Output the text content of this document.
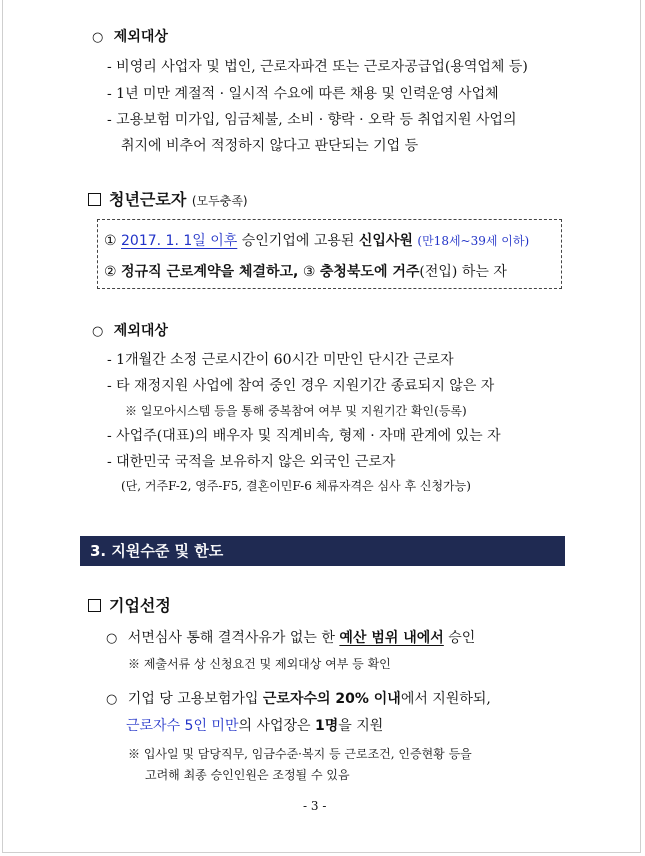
○ 제외대상
- 비영리 사업자 및 법인, 근로자파견 또는 근로자공급업(용역업체 등)
- 1년 미만 계절적 · 일시적 수요에 따른 채용 및 인력운영 사업체
- 고용보험 미가입, 임금체불, 소비 · 향락 · 오락 등 취업지원 사업의
취지에 비추어 적정하지 않다고 판단되는 기업 등
청년근로자 (모두충족)
① 2017. 1. 1일 이후 승인기업에 고용된 신입사원 (만18세~39세 이하)
② 정규직 근로계약을 체결하고, ③ 충청북도에 거주(전입) 하는 자
○ 제외대상
- 1개월간 소정 근로시간이 60시간 미만인 단시간 근로자
- 타 재정지원 사업에 참여 중인 경우 지원기간 종료되지 않은 자
※ 일모아시스템 등을 통해 중복참여 여부 및 지원기간 확인(등록)
- 사업주(대표)의 배우자 및 직계비속, 형제 · 자매 관계에 있는 자
- 대한민국 국적을 보유하지 않은 외국인 근로자
(단, 거주F-2, 영주-F5, 결혼이민F-6 체류자격은 심사 후 신청가능)
3. 지원수준 및 한도
기업선정
○ 서면심사 통해 결격사유가 없는 한 예산 범위 내에서 승인
※ 제출서류 상 신청요건 및 제외대상 여부 등 확인
○ 기업 당 고용보험가입 근로자수의 20% 이내에서 지원하되,
근로자수 5인 미만의 사업장은 1명을 지원
※ 입사일 및 담당직무, 임금수준·복지 등 근로조건, 인증현황 등을
고려해 최종 승인인원은 조정될 수 있음
- 3 -
